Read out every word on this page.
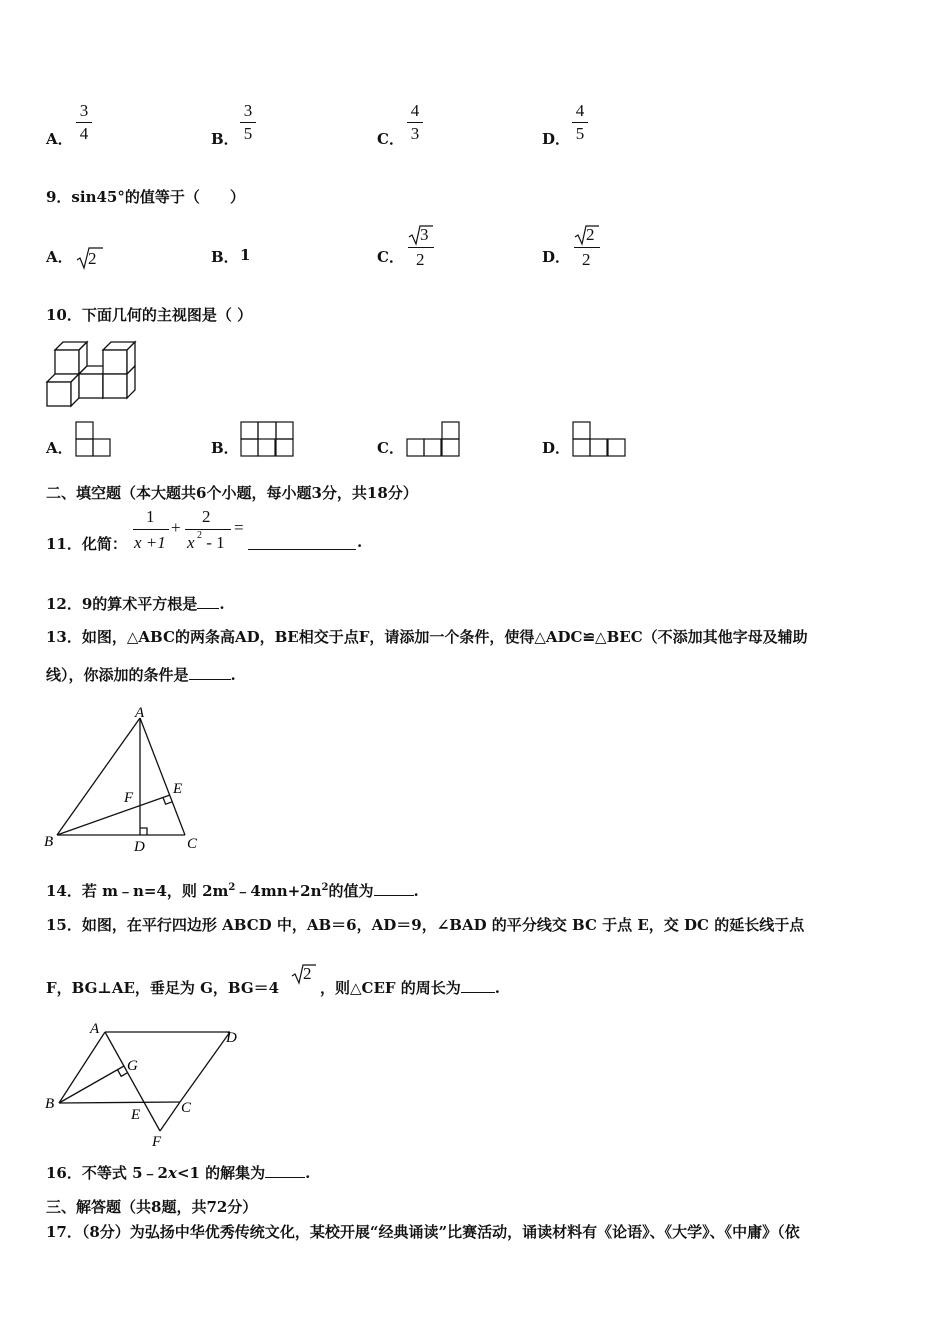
A．
3
4	B．
3
5	C．
4
3	D．
4
5
9．sin45°的值等于（　　）
A． 2	B． 1	C．
3
2	D．
2
2
10．下面几何的主视图是（ ）
A．	B．	C．	D．
二、填空题（本大题共6个小题，每小题3分，共18分）
11．化简：
1
x +1
+
2
x 2 - 1
=
.
12．9的算术平方根是 .
13．如图，△ABC的两条高AD，BE相交于点F，请添加一个条件，使得△ADC≌△BEC（不添加其他字母及辅助
线），你添加的条件是	.
A
B	C
D
E
F
14．若 m﹣n=4，则 $2m^2﹣4mn+2n^2$的值为	.
15．如图，在平行四边形 ABCD 中，AB＝6，AD＝9，∠BAD 的平分线交 BC 于点 E，交 DC 的延长线于点
F，BG⊥AE，垂足为 G，BG＝4
2
，则△CEF 的周长为 .
A
D
B	C
E
F
G
16．不等式 5﹣2x<1 的解集为	.
三、解答题（共8题，共72分）
17．（8分）为弘扬中华优秀传统文化，某校开展“经典诵读”比赛活动，诵读材料有《论语》、《大学》、《中庸》（依
